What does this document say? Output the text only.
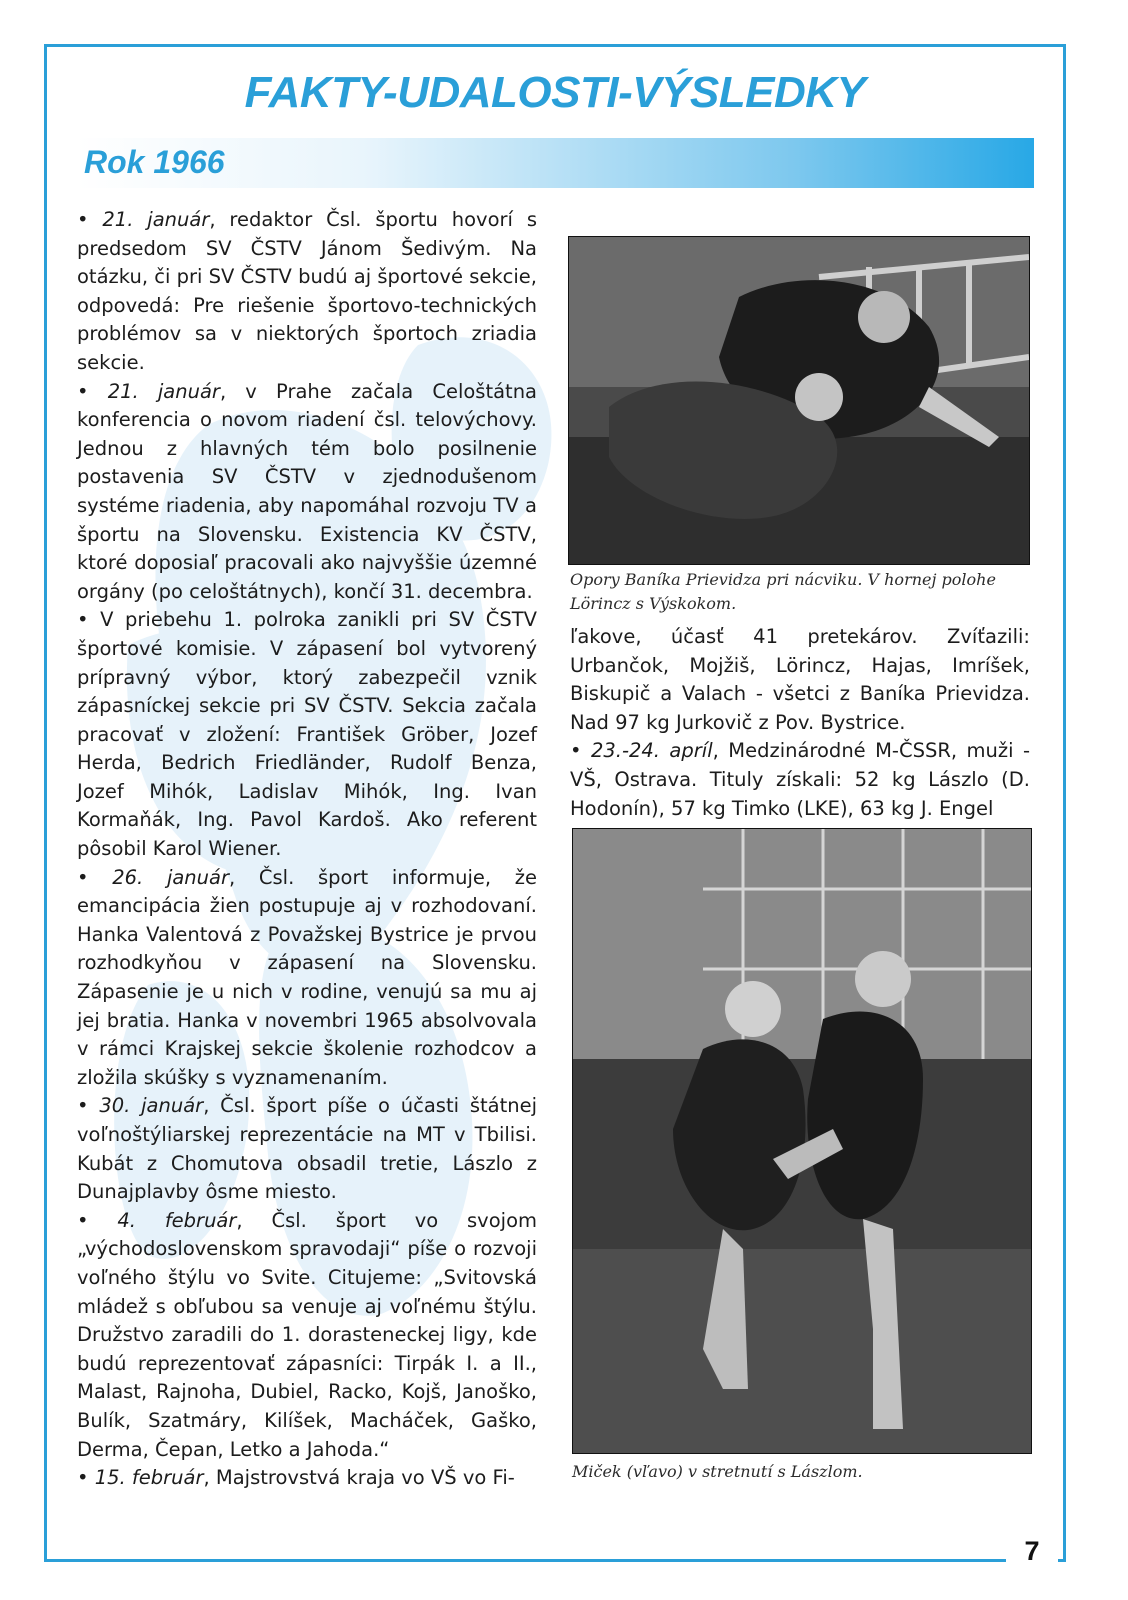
7
FAKTY-UDALOSTI-VÝSLEDKY
Rok 1966

• 21. január, redaktor Čsl. športu hovorí s predsedom SV ČSTV Jánom Šedivým. Na otázku, či pri SV ČSTV budú aj športové sekcie, odpovedá: Pre riešenie športovo-technických problémov sa v niektorých športoch zriadia sekcie.

• 21. január, v Prahe začala Celoštátna konferencia o novom riadení čsl. telovýchovy. Jednou z hlavných tém bolo posilnenie postavenia SV ČSTV v zjednodušenom systéme riadenia, aby napomáhal rozvoju TV a športu na Slovensku. Existencia KV ČSTV, ktoré doposiaľ pracovali ako najvyššie územné orgány (po celoštátnych), končí 31. decembra.

• V priebehu 1. polroka zanikli pri SV ČSTV športové komisie. V zápasení bol vytvorený prípravný výbor, ktorý zabezpečil vznik zápasníckej sekcie pri SV ČSTV. Sekcia začala pracovať v zložení: František Gröber, Jozef Herda, Bedrich Friedländer, Rudolf Benza, Jozef Mihók, Ladislav Mihók, Ing. Ivan Kormaňák, Ing. Pavol Kardoš. Ako referent pôsobil Karol Wiener.

• 26. január, Čsl. šport informuje, že emancipácia žien postupuje aj v rozhodovaní. Hanka Valentová z Považskej Bystrice je prvou rozhodkyňou v zápasení na Slovensku. Zápasenie je u nich v rodine, venujú sa mu aj jej bratia. Hanka v novembri 1965 absolvovala v rámci Krajskej sekcie školenie rozhodcov a zložila skúšky s vyznamenaním.

• 30. január, Čsl. šport píše o účasti štátnej voľnoštýliarskej reprezentácie na MT v Tbilisi. Kubát z Chomutova obsadil tretie, Lászlo z Dunajplavby ôsme miesto.

• 4. február, Čsl. šport vo svojom „východoslovenskom spravodaji“ píše o rozvoji voľného štýlu vo Svite. Citujeme: „Svitovská mládež s obľubou sa venuje aj voľnému štýlu. Družstvo zaradili do 1. dorasteneckej ligy, kde budú reprezentovať zápasníci: Tirpák I. a II., Malast, Rajnoha, Dubiel, Racko, Kojš, Janoško, Bulík, Szatmáry, Kilíšek, Macháček, Gaško, Derma, Čepan, Letko a Jahoda.“

• 15. február, Majstrovstvá kraja vo VŠ vo Fi-

Opory Baníka Prievidza pri nácviku. V hornej polohe Lörincz s Výskokom.

ľakove, účasť 41 pretekárov. Zvíťazili: Urbančok, Mojžiš, Lörincz, Hajas, Imríšek, Biskupič a Valach - všetci z Baníka Prievidza. Nad 97 kg Jurkovič z Pov. Bystrice.

• 23.-24. apríl, Medzinárodné M-ČSSR, muži - VŠ, Ostrava. Tituly získali: 52 kg Lászlo (D. Hodonín), 57 kg Timko (LKE), 63 kg J. Engel

Miček (vľavo) v stretnutí s Lászlom.
